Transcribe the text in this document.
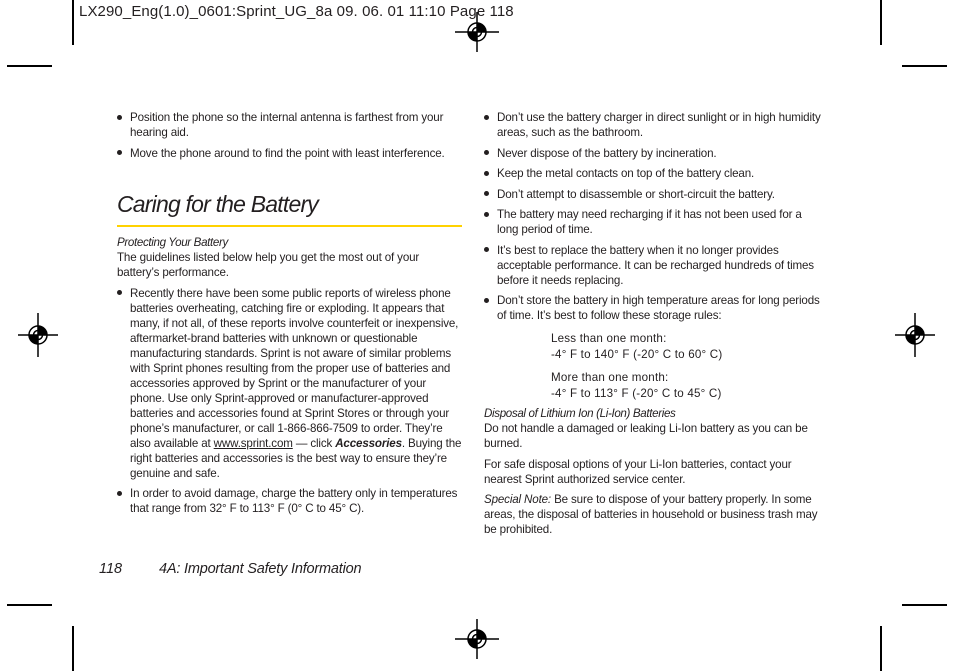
LX290_Eng(1.0)_0601:Sprint_UG_8a 09. 06. 01 11:10 Page 118
Position the phone so the internal antenna is farthest from your hearing aid.
Move the phone around to find the point with least interference.
Caring for the Battery
Protecting Your Battery
The guidelines listed below help you get the most out of your battery’s performance.
Recently there have been some public reports of wireless phone batteries overheating, catching fire or exploding. It appears that many, if not all, of these reports involve counterfeit or inexpensive, aftermarket-brand batteries with unknown or questionable manufacturing standards. Sprint is not aware of similar problems with Sprint phones resulting from the proper use of batteries and accessories approved by Sprint or the manufacturer of your phone. Use only Sprint-approved or manufacturer-approved batteries and accessories found at Sprint Stores or through your phone’s manufacturer, or call 1-866-866-7509 to order. They’re also available at www.sprint.com — click Accessories. Buying the right batteries and accessories is the best way to ensure they’re genuine and safe.
In order to avoid damage, charge the battery only in temperatures that range from 32° F to 113° F (0° C to 45° C).
Don’t use the battery charger in direct sunlight or in high humidity areas, such as the bathroom.
Never dispose of the battery by incineration.
Keep the metal contacts on top of the battery clean.
Don’t attempt to disassemble or short-circuit the battery.
The battery may need recharging if it has not been used for a long period of time.
It’s best to replace the battery when it no longer provides acceptable performance. It can be recharged hundreds of times before it needs replacing.
Don’t store the battery in high temperature areas for long periods of time. It’s best to follow these storage rules:
Less than one month:
-4° F to 140° F (-20° C to 60° C)
More than one month:
-4° F to 113° F (-20° C to 45° C)
Disposal of Lithium Ion (Li-Ion) Batteries
Do not handle a damaged or leaking Li-Ion battery as you can be burned.
For safe disposal options of your Li-Ion batteries, contact your nearest Sprint authorized service center.
Special Note: Be sure to dispose of your battery properly. In some areas, the disposal of batteries in household or business trash may be prohibited.
118	4A: Important Safety Information
